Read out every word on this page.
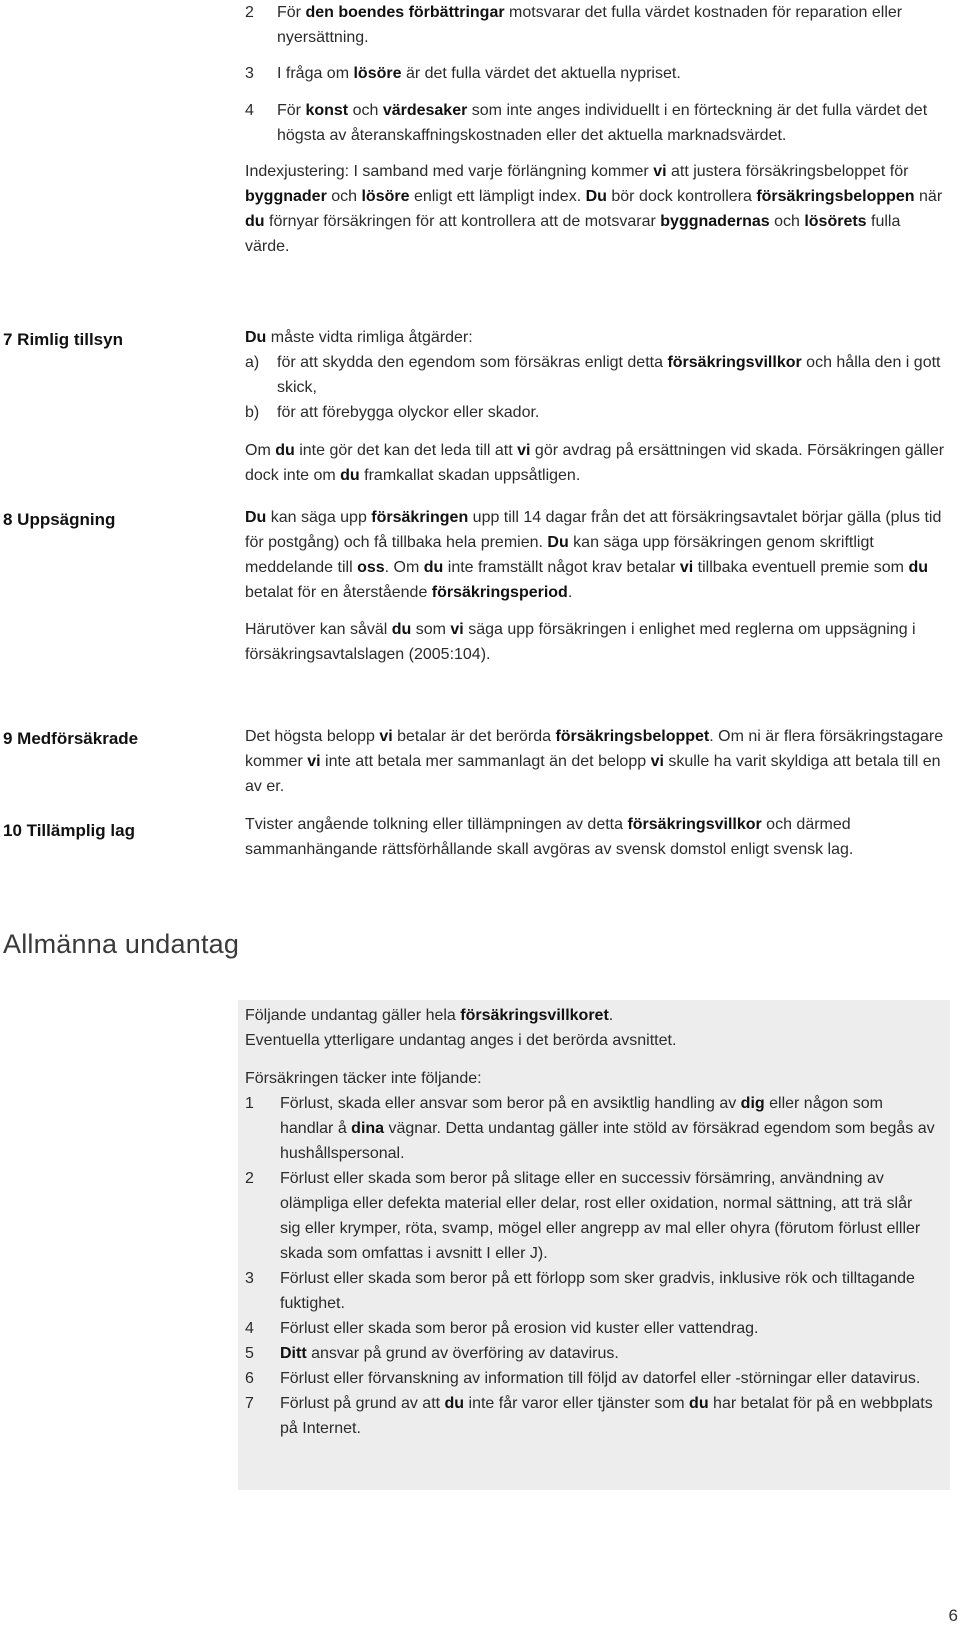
2 För den boendes förbättringar motsvarar det fulla värdet kostnaden för reparation eller nyersättning.
3 I fråga om lösöre är det fulla värdet det aktuella nypriset.
4 För konst och värdesaker som inte anges individuellt i en förteckning är det fulla värdet det högsta av återanskaffningskostnaden eller det aktuella marknadsvärdet.

Indexjustering: I samband med varje förlängning kommer vi att justera försäkringsbeloppet för byggnader och lösöre enligt ett lämpligt index. Du bör dock kontrollera försäkringsbeloppen när du förnyar försäkringen för att kontrollera att de motsvarar byggnadernas och lösörets fulla värde.

7 Rimlig tillsyn	Du måste vidta rimliga åtgärder:

a) för att skydda den egendom som försäkras enligt detta försäkringsvillkor och hålla den i gott skick,
b) för att förebygga olyckor eller skador.

Om du inte gör det kan det leda till att vi gör avdrag på ersättningen vid skada. Försäkringen gäller dock inte om du framkallat skadan uppsåtligen.

8 Uppsägning	Du kan säga upp försäkringen upp till 14 dagar från det att försäkringsavtalet börjar gälla (plus tid för postgång) och få tillbaka hela premien. Du kan säga upp försäkringen genom skriftligt meddelande till oss. Om du inte framställt något krav betalar vi tillbaka eventuell premie som du betalat för en återstående försäkringsperiod.

Härutöver kan såväl du som vi säga upp försäkringen i enlighet med reglerna om uppsägning i försäkringsavtalslagen (2005:104).

9 Medförsäkrade	Det högsta belopp vi betalar är det berörda försäkringsbeloppet. Om ni är flera försäkringstagare kommer vi inte att betala mer sammanlagt än det belopp vi skulle ha varit skyldiga att betala till en av er.

10 Tillämplig lag	Tvister angående tolkning eller tillämpningen av detta försäkringsvillkor och därmed sammanhängande rättsförhållande skall avgöras av svensk domstol enligt svensk lag.

Allmänna undantag

Följande undantag gäller hela försäkringsvillkoret.

Eventuella ytterligare undantag anges i det berörda avsnittet.

Försäkringen täcker inte följande:

1 Förlust, skada eller ansvar som beror på en avsiktlig handling av dig eller någon som handlar å dina vägnar. Detta undantag gäller inte stöld av försäkrad egendom som begås av hushållspersonal.
2 Förlust eller skada som beror på slitage eller en successiv försämring, användning av olämpliga eller defekta material eller delar, rost eller oxidation, normal sättning, att trä slår sig eller krymper, röta, svamp, mögel eller angrepp av mal eller ohyra (förutom förlust elller skada som omfattas i avsnitt I eller J).
3 Förlust eller skada som beror på ett förlopp som sker gradvis, inklusive rök och tilltagande fuktighet.
4 Förlust eller skada som beror på erosion vid kuster eller vattendrag.
5 Ditt ansvar på grund av överföring av datavirus.
6 Förlust eller förvanskning av information till följd av datorfel eller -störningar eller datavirus.
7 Förlust på grund av att du inte får varor eller tjänster som du har betalat för på en webbplats på Internet.
6
